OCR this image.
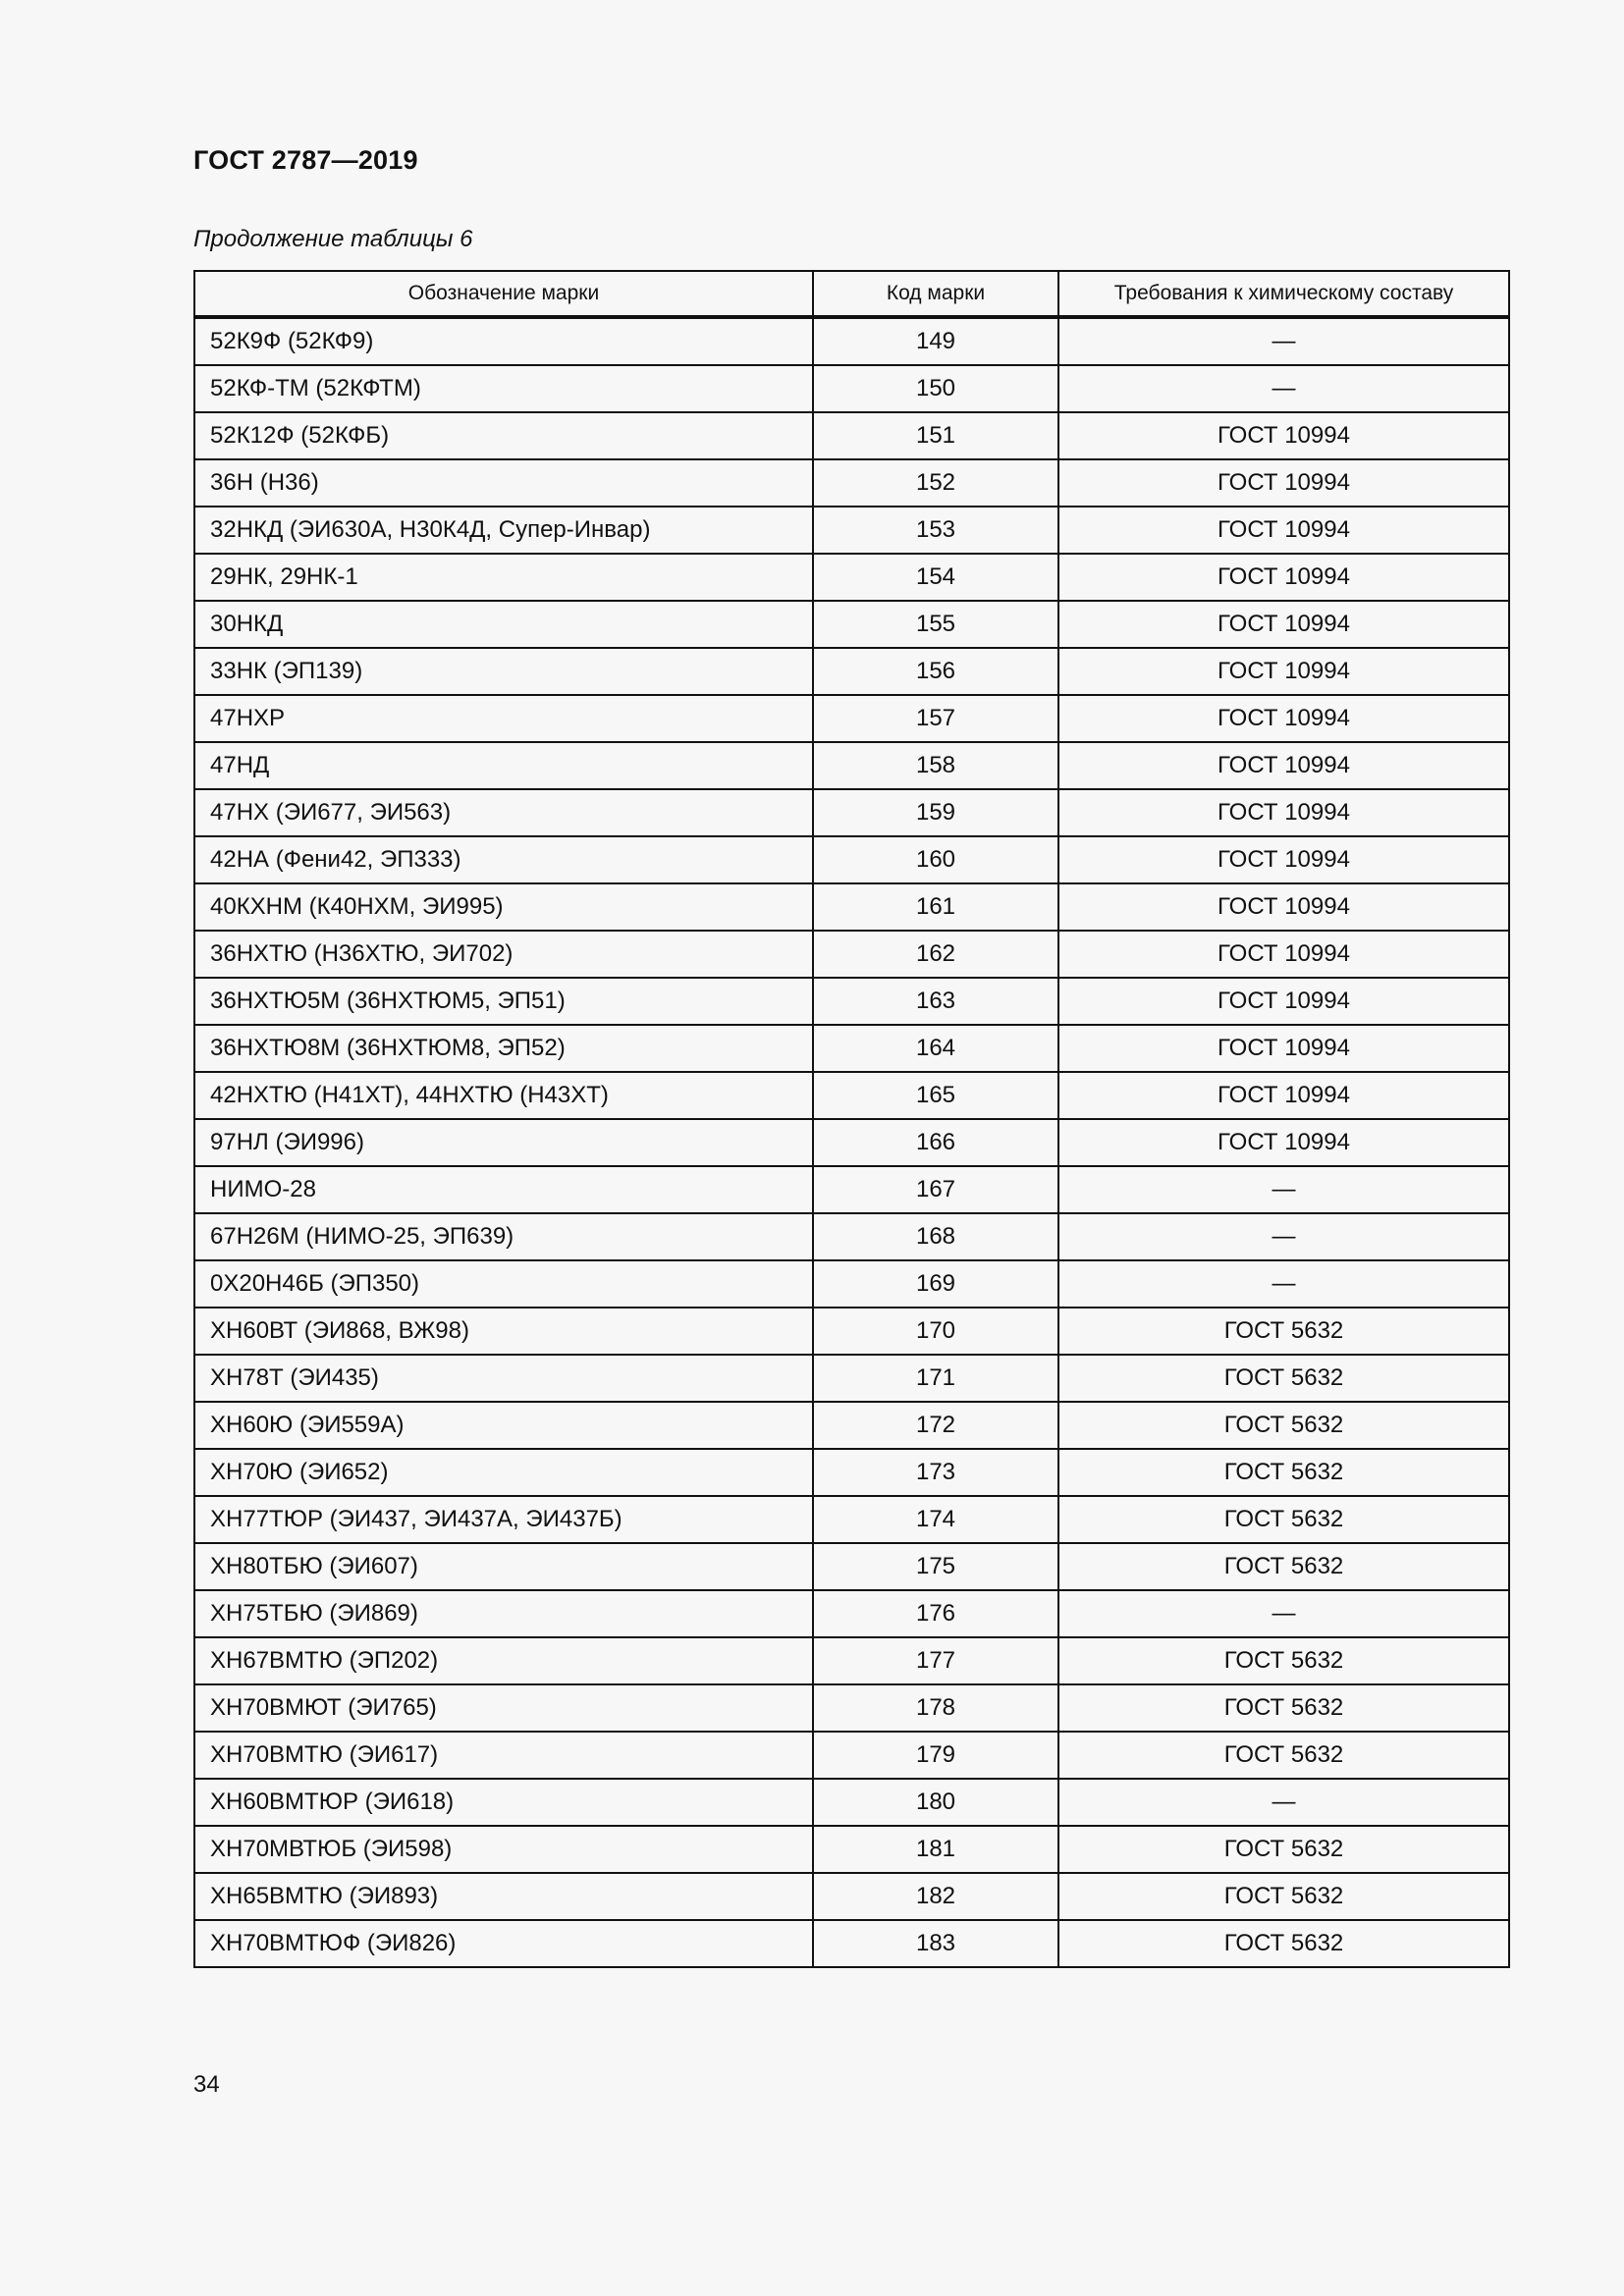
ГОСТ 2787—2019
Продолжение таблицы 6
Обозначение марки	Код марки	Требования к химическому составу
52К9Ф (52КФ9)	149	—
52КФ-ТМ (52КФТМ)	150	—
52К12Ф (52КФБ)	151	ГОСТ 10994
36Н (Н36)	152	ГОСТ 10994
32НКД (ЭИ630А, Н30К4Д, Супер-Инвар)	153	ГОСТ 10994
29НК, 29НК-1	154	ГОСТ 10994
30НКД	155	ГОСТ 10994
33НК (ЭП139)	156	ГОСТ 10994
47НХР	157	ГОСТ 10994
47НД	158	ГОСТ 10994
47НХ (ЭИ677, ЭИ563)	159	ГОСТ 10994
42НА (Фени42, ЭП333)	160	ГОСТ 10994
40КХНМ (К40НХМ, ЭИ995)	161	ГОСТ 10994
36НХТЮ (Н36ХТЮ, ЭИ702)	162	ГОСТ 10994
36НХТЮ5М (36НХТЮМ5, ЭП51)	163	ГОСТ 10994
36НХТЮ8М (36НХТЮМ8, ЭП52)	164	ГОСТ 10994
42НХТЮ (Н41ХТ), 44НХТЮ (Н43ХТ)	165	ГОСТ 10994
97НЛ (ЭИ996)	166	ГОСТ 10994
НИМО-28	167	—
67Н26М (НИМО-25, ЭП639)	168	—
0Х20Н46Б (ЭП350)	169	—
ХН60ВТ (ЭИ868, ВЖ98)	170	ГОСТ 5632
ХН78Т (ЭИ435)	171	ГОСТ 5632
ХН60Ю (ЭИ559А)	172	ГОСТ 5632
ХН70Ю (ЭИ652)	173	ГОСТ 5632
ХН77ТЮР (ЭИ437, ЭИ437А, ЭИ437Б)	174	ГОСТ 5632
ХН80ТБЮ (ЭИ607)	175	ГОСТ 5632
ХН75ТБЮ (ЭИ869)	176	—
ХН67ВМТЮ (ЭП202)	177	ГОСТ 5632
ХН70ВМЮТ (ЭИ765)	178	ГОСТ 5632
ХН70ВМТЮ (ЭИ617)	179	ГОСТ 5632
ХН60ВМТЮР (ЭИ618)	180	—
ХН70МВТЮБ (ЭИ598)	181	ГОСТ 5632
ХН65ВМТЮ (ЭИ893)	182	ГОСТ 5632
ХН70ВМТЮФ (ЭИ826)	183	ГОСТ 5632
34
